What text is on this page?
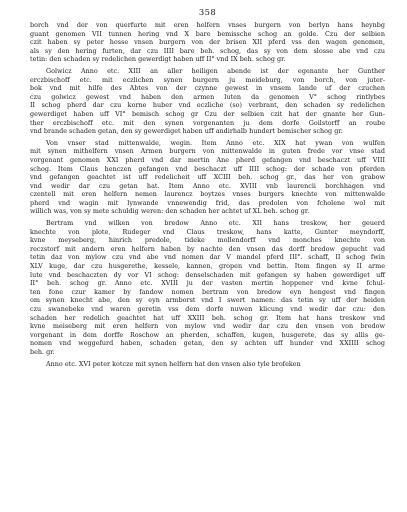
358
borch vnd der von querfurte mit eren helfern vnses burgern von berlyn hans heynbg
guant genomen VII tunnen hering vnd X bare bemissche schog an golde. Czu der selbien
czit haben sy peter hosse vnsen burgern von der brisen XII pferd vss den wagen genomen,
als sy den hering furten, dar czu IIII bare beh. schog, das sy von dem slosse abe vnd czu
tetin: den schaden sy redelichen gewerdigt haben uff II° vnd IX beh. schog gr.
Golwicz Anno etc. XIII an aller heiligen abende ist der egenante her Gunther
erczbischoff etc. mit eczlichen synen burgern ju meideburg, von borch, von juter-
bok vnd mit hilfe des Abtes von der czynne gewest in vnsem lande uf der czuchen
czu golwicz gewest vnd haben den armen luten da genomen V° schog rintlybes
II schog pherd dar czu korne huber vnd eczliche (so) verbrant, den schaden sy redelichen
gewerdiget haben uff VI° bemisch schog gr Czu der selbien czit hat der gnante her Gun-
ther erczbischoff etc. mit den synen vorgenanten ju dem dorfe Goilstorff an roube
vnd brande schaden getan, den sy gewerdiget haben uff andirhalb hundert bemischer schog gr.
Von vnser stad mittenwalde, wegin. Item Anno etc. XIX hat ywan von wulfen
mit synen mithelfern vnsen Armen burgern von mittenwalde in guten frede vor vnse stad
vorgenant genomen XXI pherd vnd dar mertin Ane pherd gefangen vnd beschaczt uff VIII
schog. Item Claus henczen gefangen vnd beschaczt uff IIII schog: der schade von pferden
vnd gefangen geachtet ist uff redelicheit uff XCIII beh. schog gr., das her von grabow
vnd wedir dar czu getan hat. Item Anno etc. XVIII vnb laurencii borchhagen vnd
czentell mit eren helfern nemen laurencz boytzes vnses burgers knechte von mittenwalde
pherd vnd wagin mit lynwande vnnewendig frid, das predolen von fcholene wol mit
willich was, von sy mete schuldig weren: den schaden her achtet uf XL beh. schog gr.
Bertram vnd wilken von bredow Anno etc. XII hans treskow, her geuerd
knechte von plote, Rudeger vnd Claus treskow, hans katte, Gunter meyndorff,
kvne meyseberg, hinrich predole, tideke mollendorff vnd monches knechte von
reczstorf mit andern eren helfern haben by nachte den vnsen das dorff bredow gepucht vad
tetin daz von mylow czu vnd abe vnd nomen dar V mandel pferd III°. schaff, II schog fwin
XLV kuge, dar czu husgerethe, kessele, kannen, gropen vnd bettin. Item fingen sy II arme
lute vnd beschaczten dy vor VI schog: denselschaden mit gefangen sy haben gewerdiget uff
II° beh. schog gr. Anno etc. XVIII ju der vasten mertin hoppener vnd kvne fchul-
ten fone czur kamer by fandow nomen bertram von bredow eyn hengest vnd fingen
om synen knecht abe, den sy eyn armborst vnd I swert namen: das tetin sy uff der heiden
czu swanebeke vnd waren geretin vss dem dorfe nuwen klicung vnd wedir dar czu: den
schaden her redelich geachtet hat uff XXIII beh. schog gr. Item hat hans treskow vnd
kvne meiseberg mit eren helfern von mylow vnd wedir dar czu den vnsen von bredow
vorgenant in dem dorffe Roschow an pherden, schaffen, kugen, husgerete, das sy allis ge-
nomen vnd weggefurd haben, schaden getan, den sy achten uff hunder vnd XXIIII schog
beh. gr.
Anno etc. XVI peter kotcze mit synen helfern hat den vnsen also tyle brofeken
